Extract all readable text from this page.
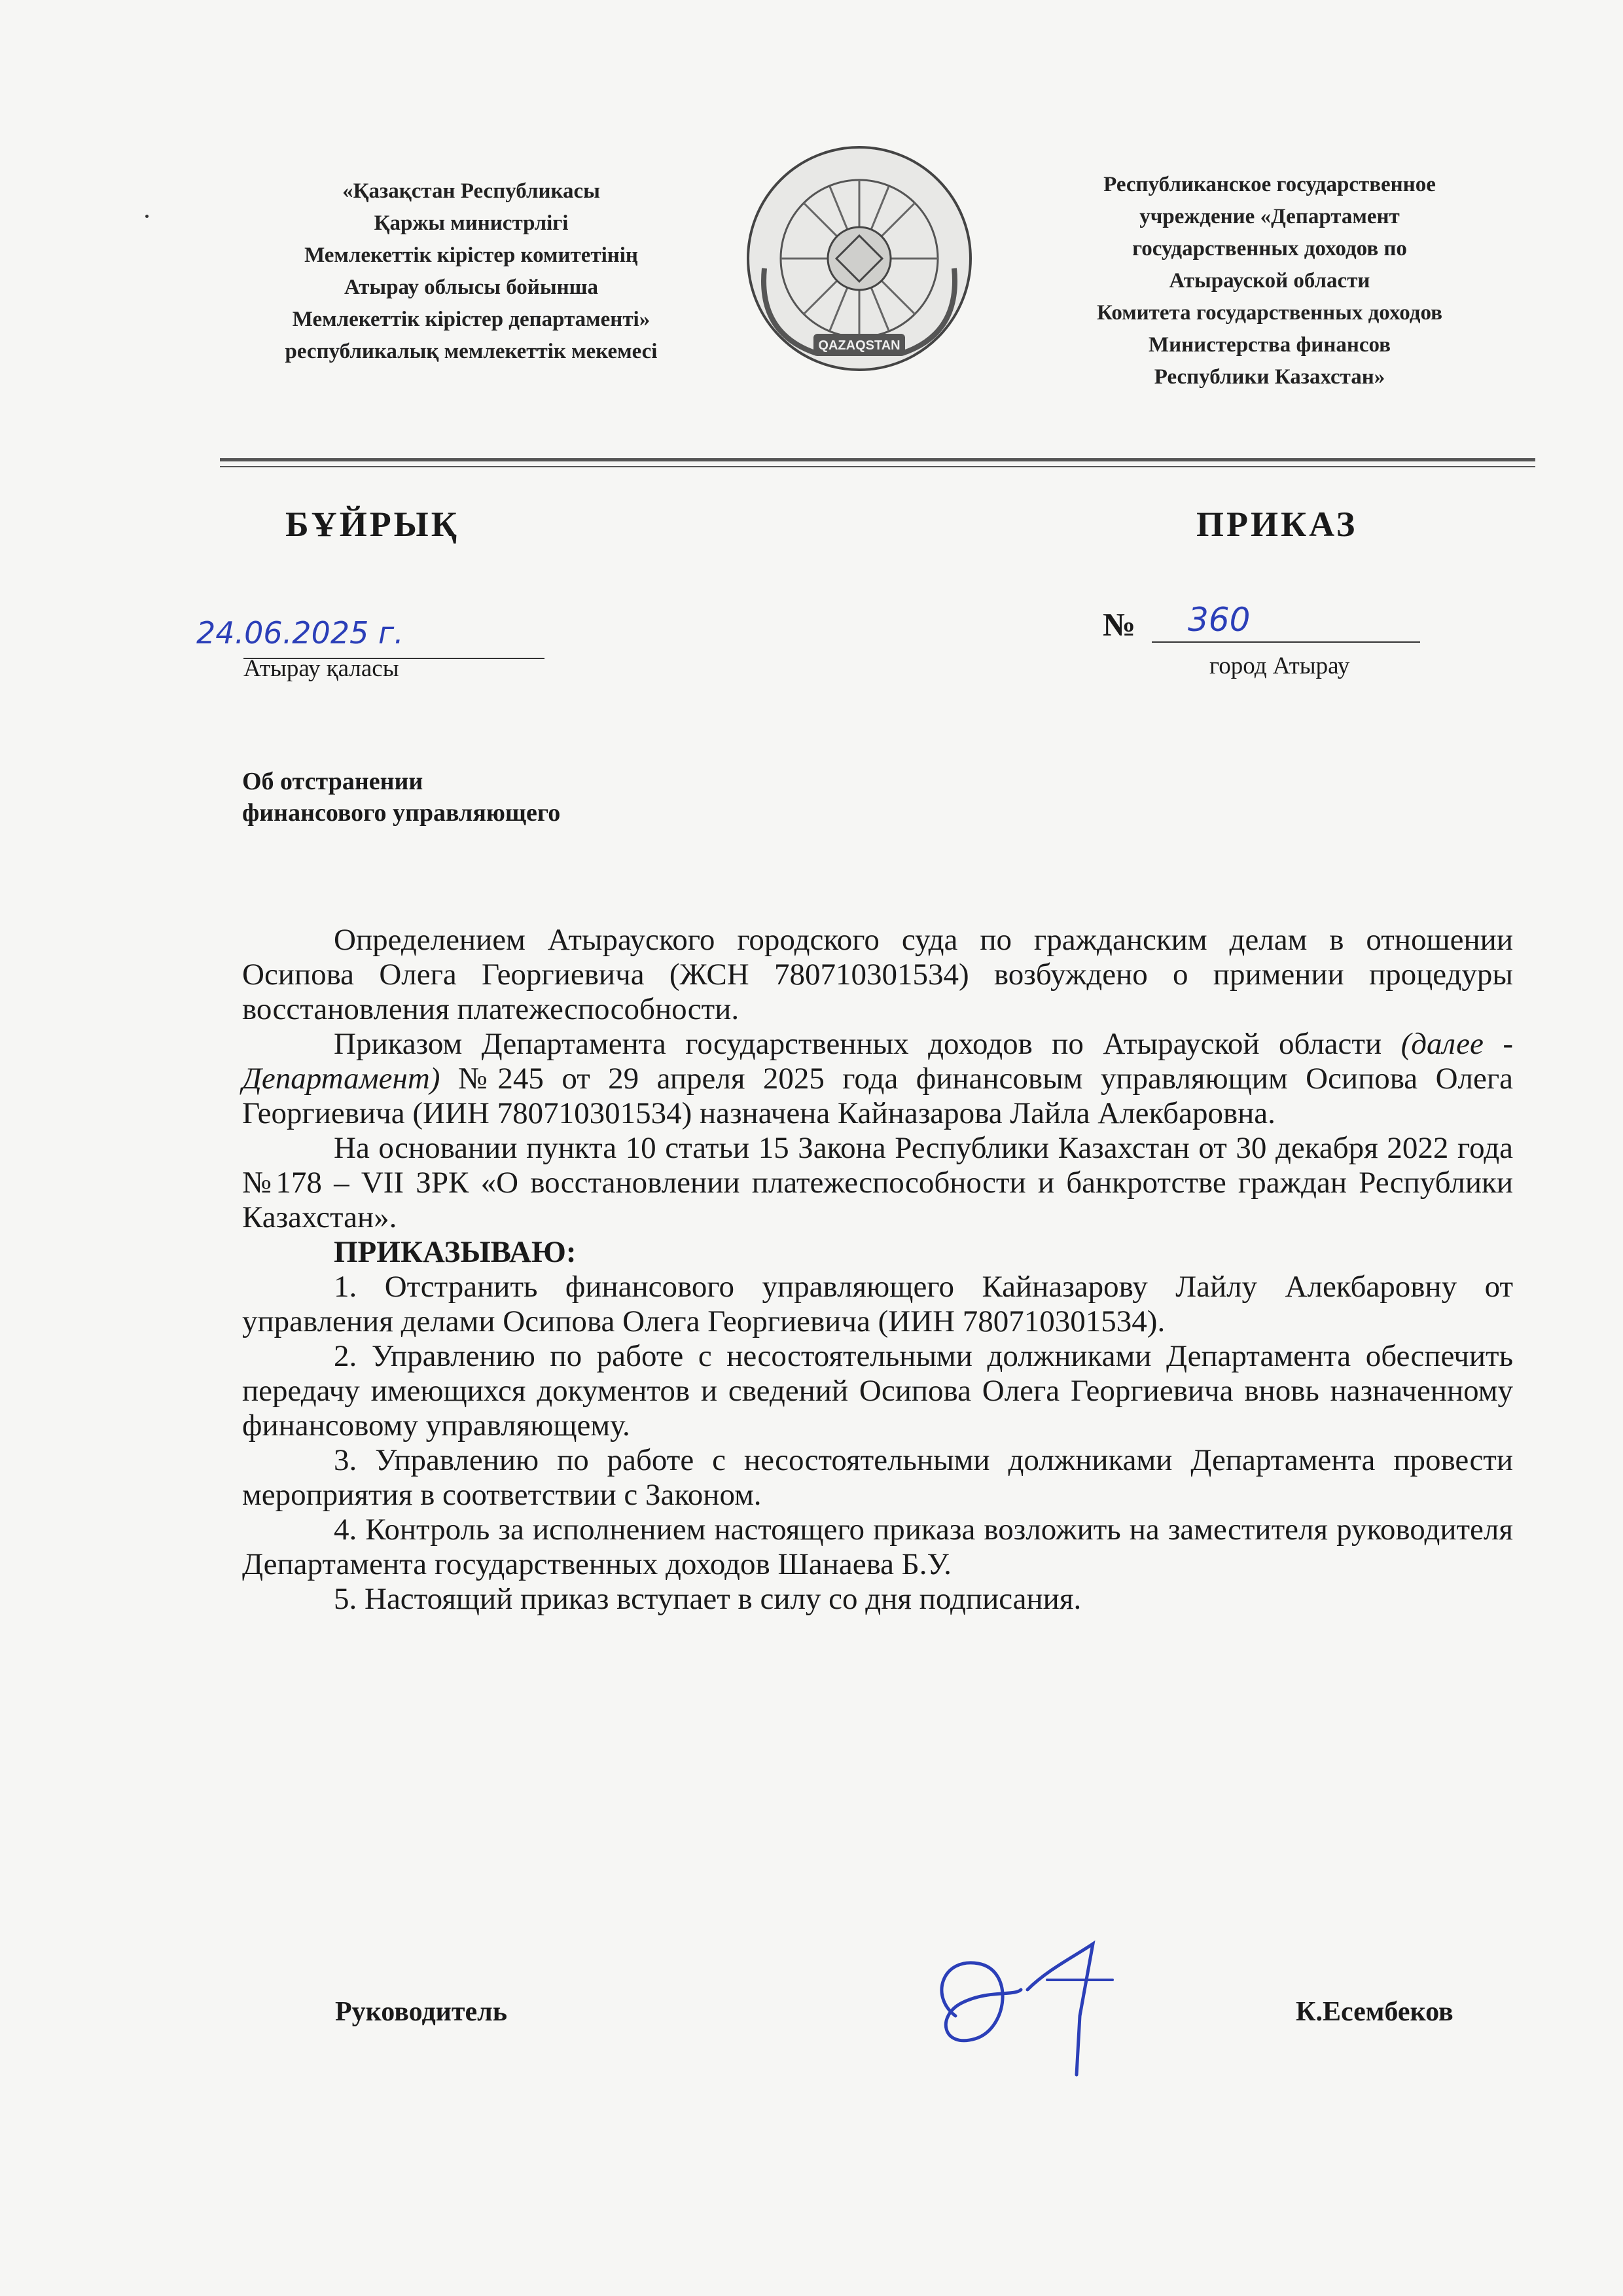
«Қазақстан Республикасы
Қаржы министрлігі
Мемлекеттік кірістер комитетінің
Атырау облысы бойынша
Мемлекеттік кірістер департаменті»
республикалық мемлекеттік мекемесі	QAZAQSTAN
Республиканское государственное
учреждение «Департамент
государственных доходов по
Атырауской области
Комитета государственных доходов
Министерства финансов
Республики Казахстан»
БҰЙРЫҚ	ПРИКАЗ
24.06.2025 г.
Атырау қаласы
№ 360
город Атырау
Об отстранении
финансового управляющего

Определением Атырауского городского суда по гражданским делам в отношении Осипова Олега Георгиевича (ЖСН 780710301534) возбуждено о примении процедуры восстановления платежеспособности.

Приказом Департамента государственных доходов по Атырауской области (далее - Департамент) №245 от 29 апреля 2025 года финансовым управляющим Осипова Олега Георгиевича (ИИН 780710301534) назначена Кайназарова Лайла Алекбаровна.

На основании пункта 10 статьи 15 Закона Республики Казахстан от 30 декабря 2022 года №178 – VII ЗРК «О восстановлении платежеспособности и банкротстве граждан Республики Казахстан».

ПРИКАЗЫВАЮ:

1. Отстранить финансового управляющего Кайназарову Лайлу Алекбаровну от управления делами Осипова Олега Георгиевича (ИИН 780710301534).

2. Управлению по работе с несостоятельными должниками Департамента обеспечить передачу имеющихся документов и сведений Осипова Олега Георгиевича вновь назначенному финансовому управляющему.

3. Управлению по работе с несостоятельными должниками Департамента провести мероприятия в соответствии с Законом.

4. Контроль за исполнением настоящего приказа возложить на заместителя руководителя Департамента государственных доходов Шанаева Б.У.

5. Настоящий приказ вступает в силу со дня подписания.

Руководитель	К.Есембеков
